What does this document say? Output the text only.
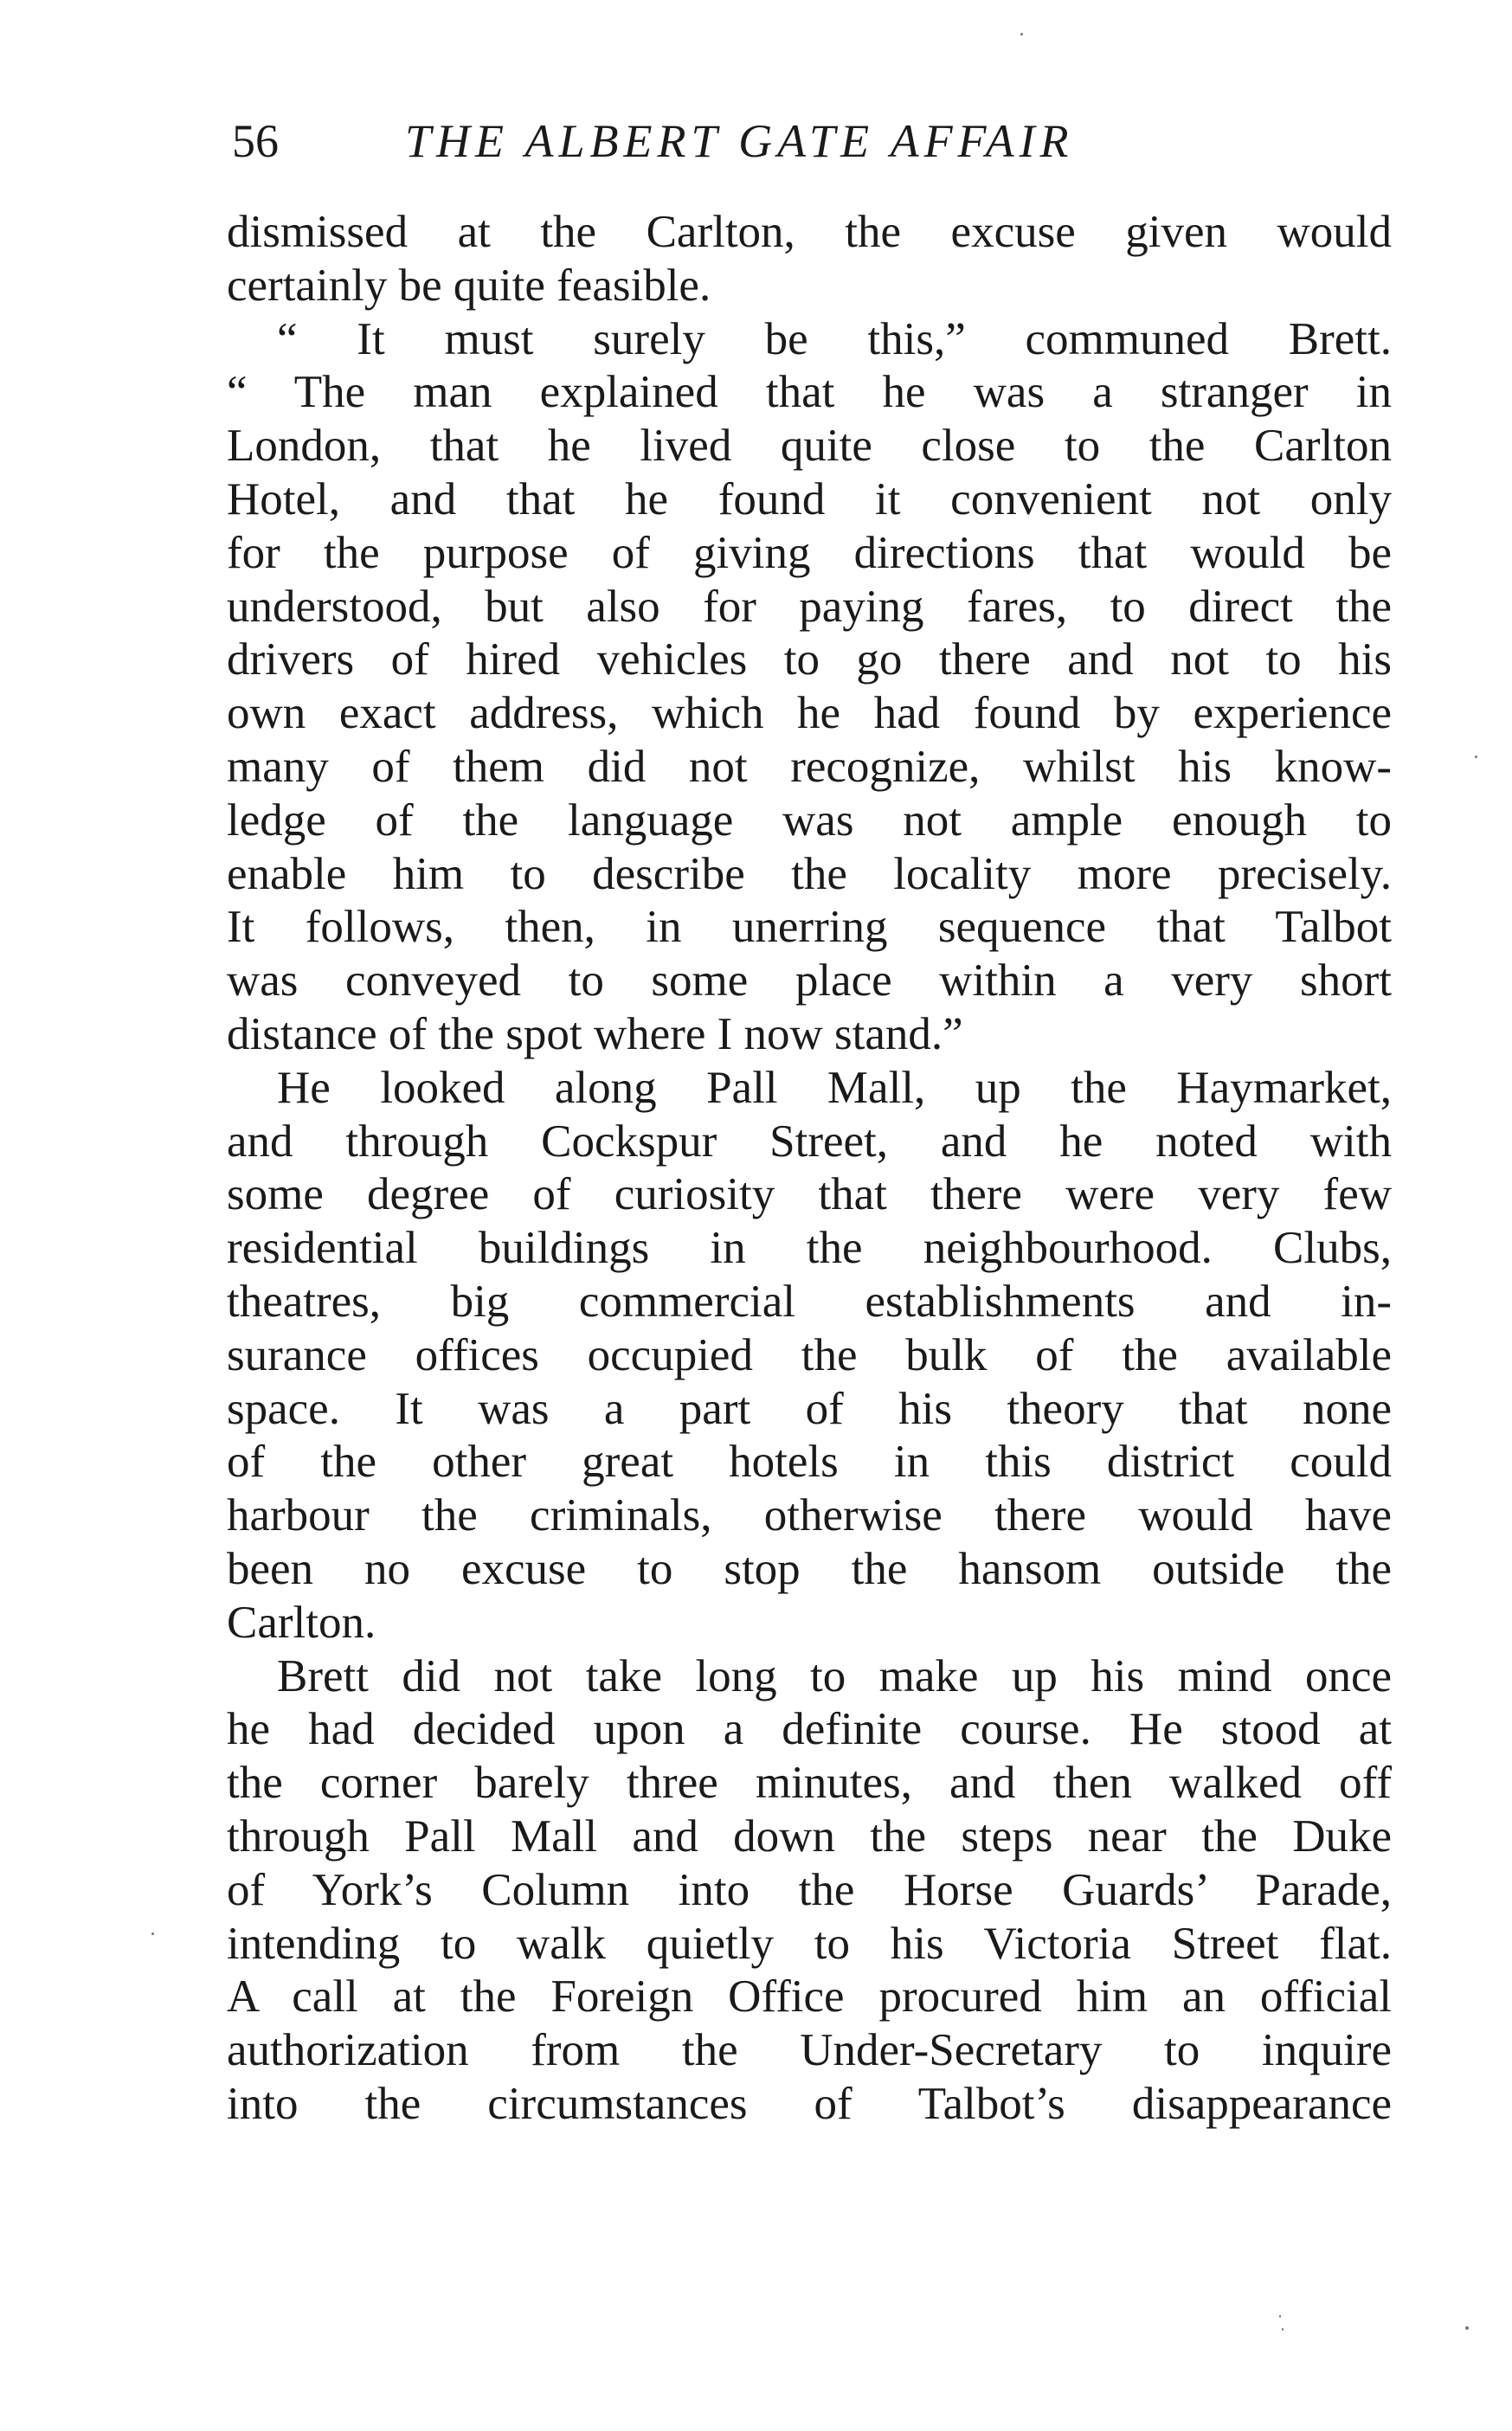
56	THE ALBERT GATE AFFAIR
dismissed at the Carlton, the excuse given would
certainly be quite feasible.
“ It must surely be this,” communed Brett.
“ The man explained that he was a stranger in
London, that he lived quite close to the Carlton
Hotel, and that he found it convenient not only
for the purpose of giving directions that would be
understood, but also for paying fares, to direct the
drivers of hired vehicles to go there and not to his
own exact address, which he had found by experience
many of them did not recognize, whilst his know-
ledge of the language was not ample enough to
enable him to describe the locality more precisely.
It follows, then, in unerring sequence that Talbot
was conveyed to some place within a very short
distance of the spot where I now stand.”
He looked along Pall Mall, up the Haymarket,
and through Cockspur Street, and he noted with
some degree of curiosity that there were very few
residential buildings in the neighbourhood. Clubs,
theatres, big commercial establishments and in-
surance offices occupied the bulk of the available
space. It was a part of his theory that none
of the other great hotels in this district could
harbour the criminals, otherwise there would have
been no excuse to stop the hansom outside the
Carlton.
Brett did not take long to make up his mind once
he had decided upon a definite course. He stood at
the corner barely three minutes, and then walked off
through Pall Mall and down the steps near the Duke
of York’s Column into the Horse Guards’ Parade,
intending to walk quietly to his Victoria Street flat.
A call at the Foreign Office procured him an official
authorization from the Under-Secretary to inquire
into the circumstances of Talbot’s disappearance
